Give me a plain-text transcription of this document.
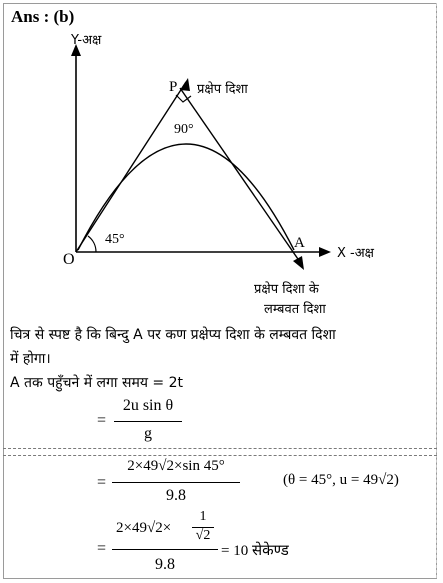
Ans : (b)
Y-अक्ष
P प्रक्षेप दिशा
90°
45°
O
A
X -अक्ष
प्रक्षेप दिशा के
लम्बवत दिशा
चित्र से स्पष्ट है कि बिन्दु A पर कण प्रक्षेप्य दिशा के लम्बवत दिशा
में होगा।
A तक पहुँचने में लगा समय = 2t
=
2u sin θ
g
=
2×49√2×sin 45°
9.8
(θ = 45°, u = 49√2)
=
2×49√2×
1
√2
9.8
= 10 सेकेण्ड
